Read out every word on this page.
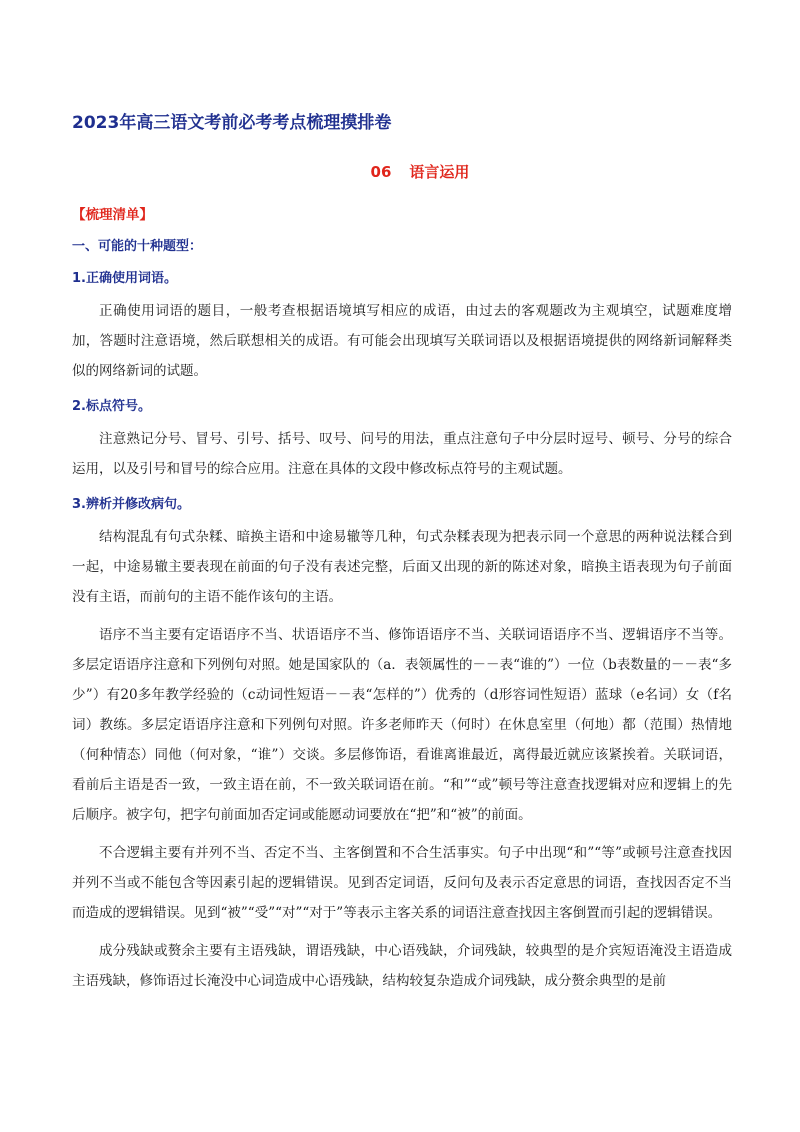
2023年高三语文考前必考考点梳理摸排卷
06 语言运用
【梳理清单】
一、可能的十种题型：
1.正确使用词语。

正确使用词语的题目，一般考查根据语境填写相应的成语，由过去的客观题改为主观填空，试题难度增加，答题时注意语境，然后联想相关的成语。有可能会出现填写关联词语以及根据语境提供的网络新词解释类似的网络新词的试题。

2.标点符号。

注意熟记分号、冒号、引号、括号、叹号、问号的用法，重点注意句子中分层时逗号、顿号、分号的综合运用，以及引号和冒号的综合应用。注意在具体的文段中修改标点符号的主观试题。

3.辨析并修改病句。

结构混乱有句式杂糅、暗换主语和中途易辙等几种，句式杂糅表现为把表示同一个意思的两种说法糅合到一起，中途易辙主要表现在前面的句子没有表述完整，后面又出现的新的陈述对象，暗换主语表现为句子前面没有主语，而前句的主语不能作该句的主语。

语序不当主要有定语语序不当、状语语序不当、修饰语语序不当、关联词语语序不当、逻辑语序不当等。多层定语语序注意和下列例句对照。她是国家队的（a．表领属性的－－表“谁的”）一位（b表数量的－－表“多少”）有20多年教学经验的（c动词性短语－－表“怎样的”）优秀的（d形容词性短语）蓝球（e名词）女（f名词）教练。多层定语语序注意和下列例句对照。许多老师昨天（何时）在休息室里（何地）都（范围）热情地（何种情态）同他（何对象，“谁”）交谈。多层修饰语，看谁离谁最近，离得最近就应该紧挨着。关联词语，看前后主语是否一致，一致主语在前，不一致关联词语在前。“和”“或”顿号等注意查找逻辑对应和逻辑上的先后顺序。被字句，把字句前面加否定词或能愿动词要放在“把”和“被”的前面。

不合逻辑主要有并列不当、否定不当、主客倒置和不合生活事实。句子中出现“和”“等”或顿号注意查找因并列不当或不能包含等因素引起的逻辑错误。见到否定词语，反问句及表示否定意思的词语，查找因否定不当而造成的逻辑错误。见到“被”“受”“对”“对于”等表示主客关系的词语注意查找因主客倒置而引起的逻辑错误。

成分残缺或赘余主要有主语残缺，谓语残缺，中心语残缺，介词残缺，较典型的是介宾短语淹没主语造成主语残缺，修饰语过长淹没中心词造成中心语残缺，结构较复杂造成介词残缺，成分赘余典型的是前
